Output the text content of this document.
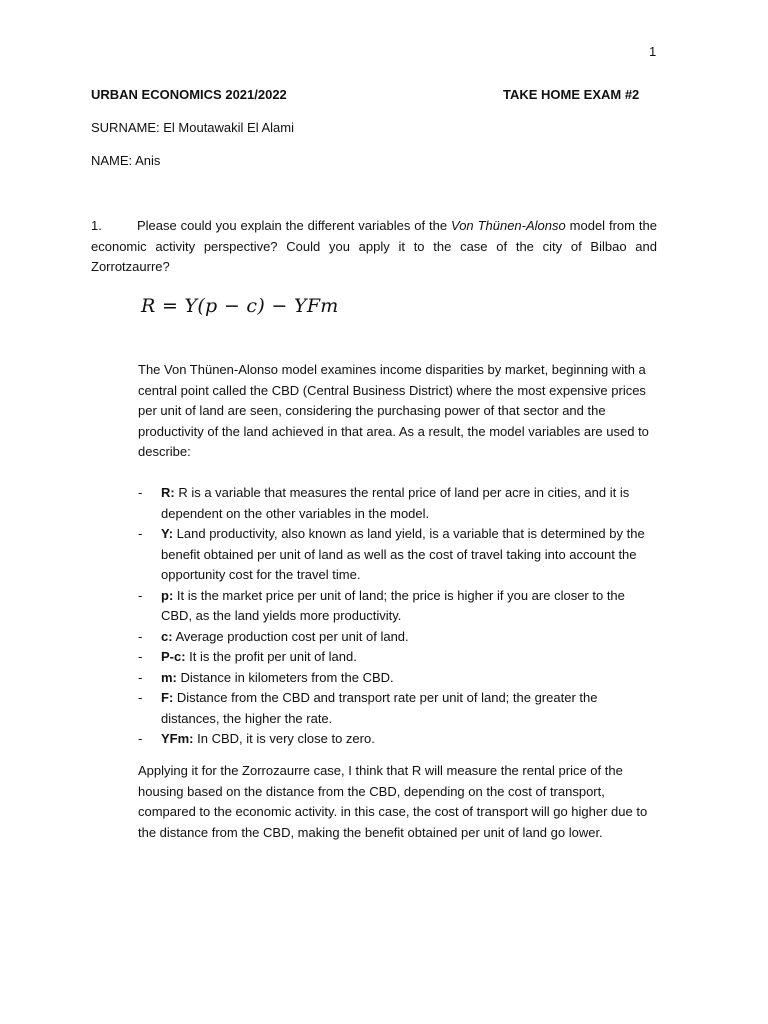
1
URBAN ECONOMICS 2021/2022	TAKE HOME EXAM #2
SURNAME: El Moutawakil El Alami
NAME: Anis
1.	Please could you explain the different variables of the Von Thünen-Alonso model from the economic activity perspective? Could you apply it to the case of the city of Bilbao and Zorrotzaurre?
R = Y(p − c) − YFm
The Von Thünen-Alonso model examines income disparities by market, beginning with a central point called the CBD (Central Business District) where the most expensive prices per unit of land are seen, considering the purchasing power of that sector and the productivity of the land achieved in that area. As a result, the model variables are used to describe:
- R: R is a variable that measures the rental price of land per acre in cities, and it is dependent on the other variables in the model.
- Y: Land productivity, also known as land yield, is a variable that is determined by the benefit obtained per unit of land as well as the cost of travel taking into account the opportunity cost for the travel time.
- p: It is the market price per unit of land; the price is higher if you are closer to the CBD, as the land yields more productivity.
- c: Average production cost per unit of land.
- P-c: It is the profit per unit of land.
- m: Distance in kilometers from the CBD.
- F: Distance from the CBD and transport rate per unit of land; the greater the distances, the higher the rate.
- YFm: In CBD, it is very close to zero.
Applying it for the Zorrozaurre case, I think that R will measure the rental price of the housing based on the distance from the CBD, depending on the cost of transport, compared to the economic activity. in this case, the cost of transport will go higher due to the distance from the CBD, making the benefit obtained per unit of land go lower.
